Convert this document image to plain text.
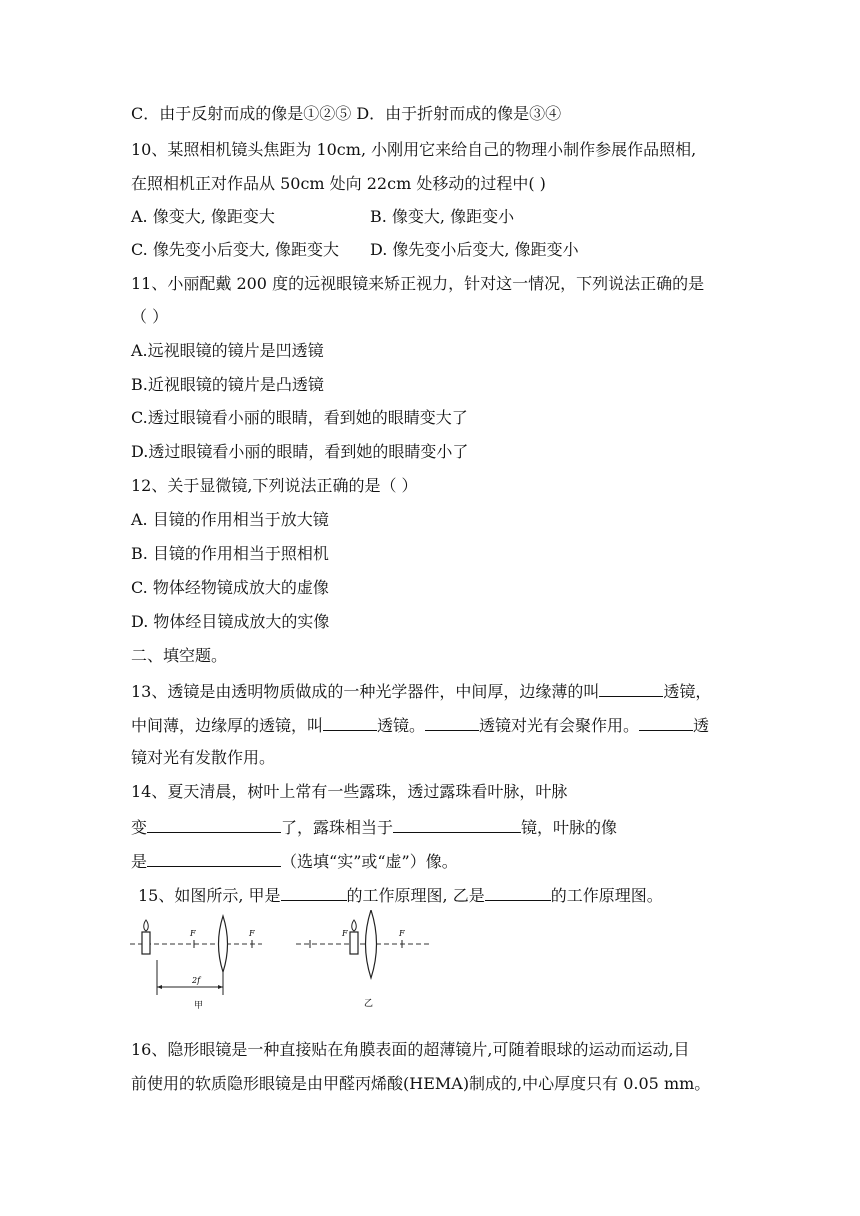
C．由于反射而成的像是①②⑤ D．由于折射而成的像是③④
10、某照相机镜头焦距为 10cm, 小刚用它来给自己的物理小制作参展作品照相,
在照相机正对作品从 50cm 处向 22cm 处移动的过程中( )
A. 像变大, 像距变大	B. 像变大, 像距变小
C. 像先变小后变大, 像距变大 D. 像先变小后变大, 像距变小
11、小丽配戴 200 度的远视眼镜来矫正视力，针对这一情况，下列说法正确的是
（ ）
A.远视眼镜的镜片是凹透镜
B.近视眼镜的镜片是凸透镜
C.透过眼镜看小丽的眼睛，看到她的眼睛变大了
D.透过眼镜看小丽的眼睛，看到她的眼睛变小了
12、关于显微镜,下列说法正确的是（ ）
A. 目镜的作用相当于放大镜
B. 目镜的作用相当于照相机
C. 物体经物镜成放大的虚像
D. 物体经目镜成放大的实像
二、填空题。
13、透镜是由透明物质做成的一种光学器件，中间厚，边缘薄的叫	透镜，
中间薄，边缘厚的透镜，叫	透镜。	透镜对光有会聚作用。	透
镜对光有发散作用。
14、夏天清晨，树叶上常有一些露珠，透过露珠看叶脉，叶脉
变	了，露珠相当于	镜，叶脉的像
是	（选填“实”或“虚”）像。
15、如图所示, 甲是	的工作原理图, 乙是	的工作原理图。
F	F
2f
甲
F	F
乙
16、隐形眼镜是一种直接贴在角膜表面的超薄镜片,可随着眼球的运动而运动,目
前使用的软质隐形眼镜是由甲醛丙烯酸(HEMA)制成的,中心厚度只有 0.05 mm。
